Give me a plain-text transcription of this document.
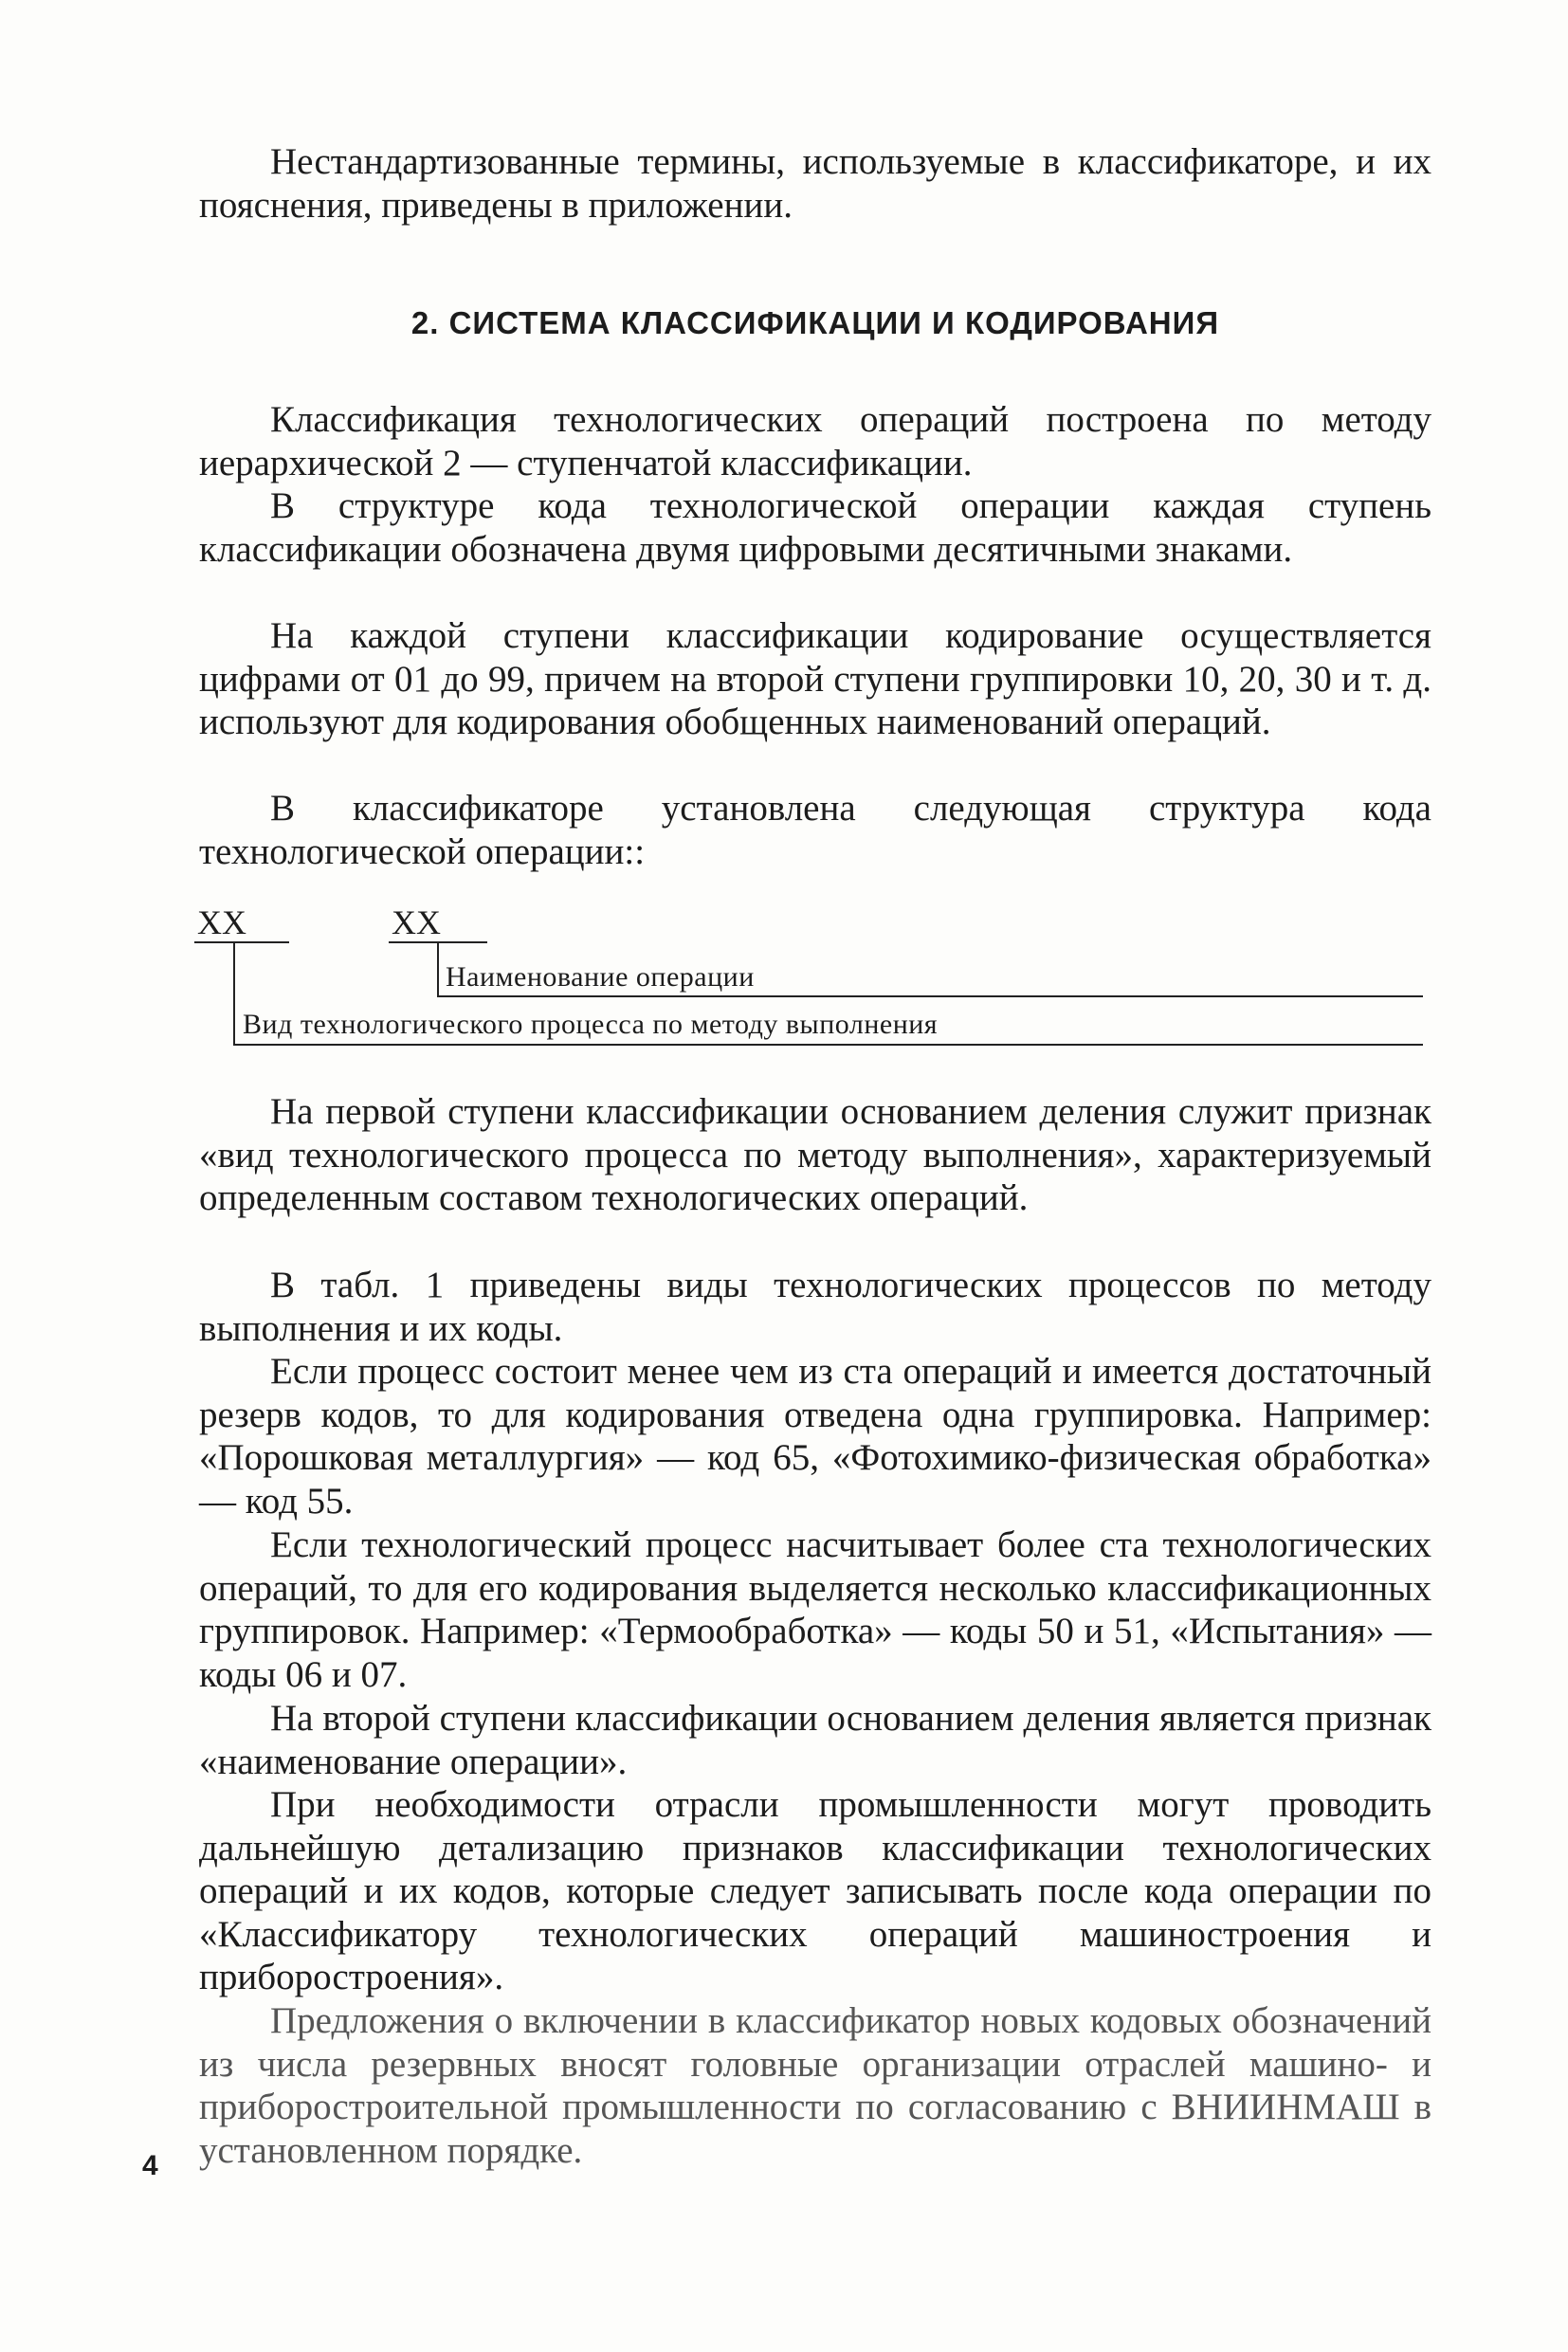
Нестандартизованные термины, используемые в классификаторе, и их пояснения, приведены в приложении.

2. СИСТЕМА КЛАССИФИКАЦИИ И КОДИРОВАНИЯ

Классификация технологических операций построена по методу иерархической 2 — ступенчатой классификации.

В структуре кода технологической операции каждая ступень классификации обозначена двумя цифровыми десятичными знаками.

На каждой ступени классификации кодирование осуществляется цифрами от 01 до 99, причем на второй ступени группировки 10, 20, 30 и т. д. используют для кодирования обобщенных наименований операций.

В классификаторе установлена следующая структура кода технологической операции::

XX	XX
Наименование операции
Вид технологического процесса по методу выполнения

На первой ступени классификации основанием деления служит признак «вид технологического процесса по методу выполнения», характеризуемый определенным составом технологических операций.

В табл. 1 приведены виды технологических процессов по методу выполнения и их коды.

Если процесс состоит менее чем из ста операций и имеется достаточный резерв кодов, то для кодирования отведена одна группировка. Например: «Порошковая металлургия» — код 65, «Фотохимико-физическая обработка» — код 55.

Если технологический процесс насчитывает более ста технологических операций, то для его кодирования выделяется несколько классификационных группировок. Например: «Термообработка» — коды 50 и 51, «Испытания» — коды 06 и 07.

На второй ступени классификации основанием деления является признак «наименование операции».

При необходимости отрасли промышленности могут проводить дальнейшую детализацию признаков классификации технологических операций и их кодов, которые следует записывать после кода операции по «Классификатору технологических операций машиностроения и приборостроения».

Предложения о включении в классификатор новых кодовых обозначений из числа резервных вносят головные организации отраслей машино- и приборостроительной промышленности по согласованию с ВНИИНМАШ в установленном порядке.

4
